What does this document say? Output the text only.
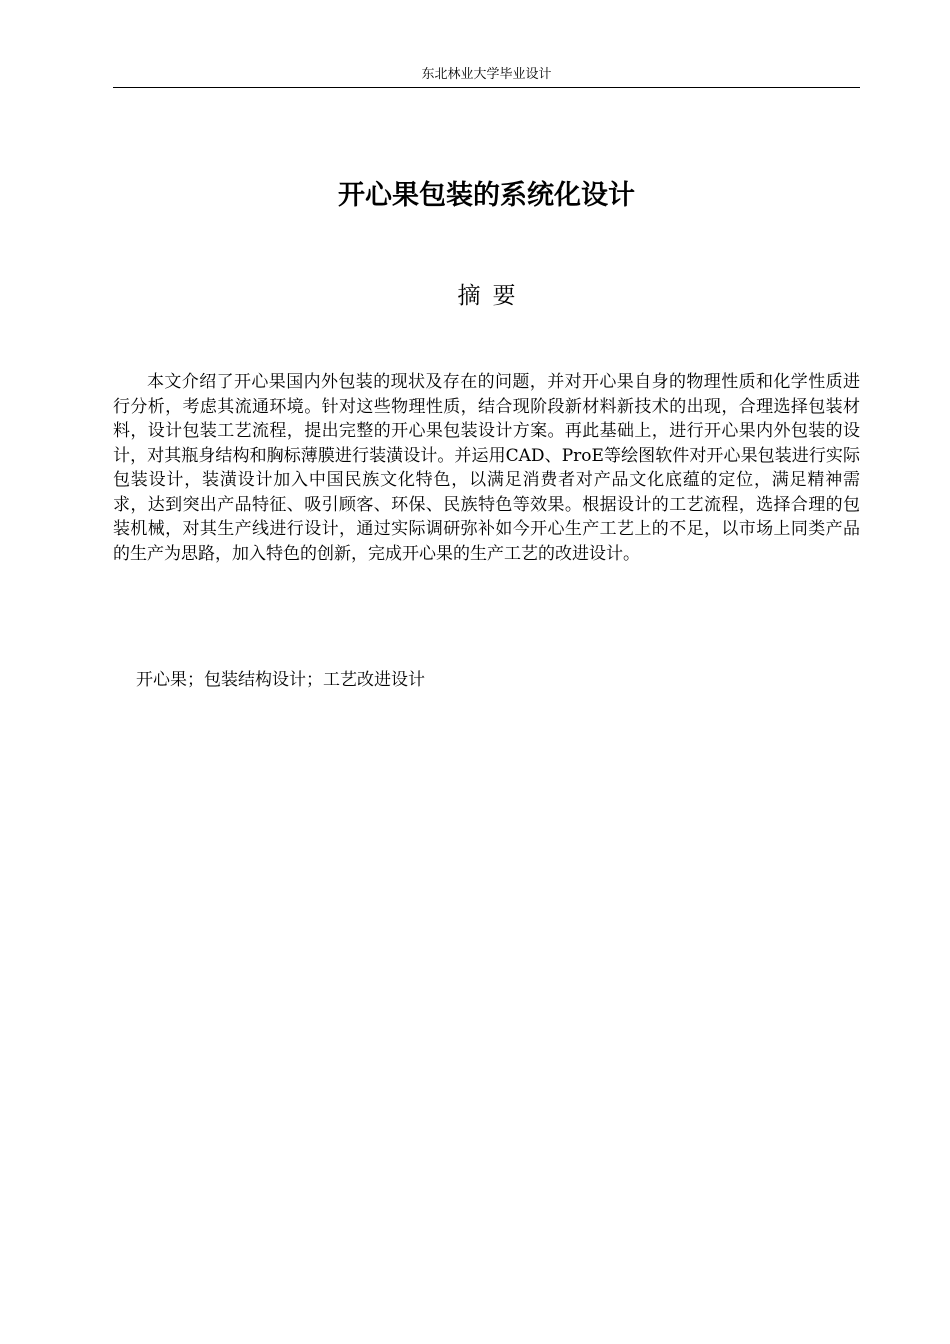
东北林业大学毕业设计
开心果包装的系统化设计
摘要

本文介绍了开心果国内外包装的现状及存在的问题，并对开心果自身的物理性质和化学性质进行分析，考虑其流通环境。针对这些物理性质，结合现阶段新材料新技术的出现，合理选择包装材料，设计包装工艺流程，提出完整的开心果包装设计方案。再此基础上，进行开心果内外包装的设计，对其瓶身结构和胸标薄膜进行装潢设计。并运用CAD、ProE等绘图软件对开心果包装进行实际包装设计，装潢设计加入中国民族文化特色，以满足消费者对产品文化底蕴的定位，满足精神需求，达到突出产品特征、吸引顾客、环保、民族特色等效果。根据设计的工艺流程，选择合理的包装机械，对其生产线进行设计，通过实际调研弥补如今开心生产工艺上的不足，以市场上同类产品的生产为思路，加入特色的创新，完成开心果的生产工艺的改进设计。

开心果；包装结构设计；工艺改进设计
